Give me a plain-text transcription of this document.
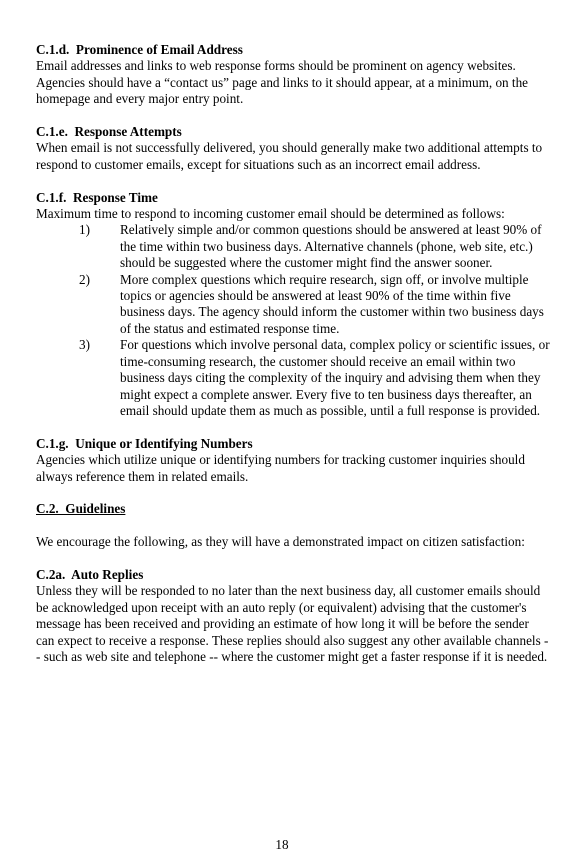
C.1.d.  Prominence of Email Address

Email addresses and links to web response forms should be prominent on agency websites. Agencies should have a “contact us” page and links to it should appear, at a minimum, on the homepage and every major entry point.

C.1.e.  Response Attempts

When email is not successfully delivered, you should generally make two additional attempts to respond to customer emails, except for situations such as an incorrect email address.

C.1.f.  Response Time

Maximum time to respond to incoming customer email should be determined as follows:

1) Relatively simple and/or common questions should be answered at least 90% of the time within two business days. Alternative channels (phone, web site, etc.) should be suggested where the customer might find the answer sooner.
2) More complex questions which require research, sign off, or involve multiple topics or agencies should be answered at least 90% of the time within five business days. The agency should inform the customer within two business days of the status and estimated response time.
3) For questions which involve personal data, complex policy or scientific issues, or time-consuming research, the customer should receive an email within two business days citing the complexity of the inquiry and advising them when they might expect a complete answer. Every five to ten business days thereafter, an email should update them as much as possible, until a full response is provided.
C.1.g.  Unique or Identifying Numbers

Agencies which utilize unique or identifying numbers for tracking customer inquiries should always reference them in related emails.

C.2.  Guidelines

We encourage the following, as they will have a demonstrated impact on citizen satisfaction:

C.2a.  Auto Replies

Unless they will be responded to no later than the next business day, all customer emails should be acknowledged upon receipt with an auto reply (or equivalent) advising that the customer's message has been received and providing an estimate of how long it will be before the sender can expect to receive a response. These replies should also suggest any other available channels -- such as web site and telephone -- where the customer might get a faster response if it is needed.

18
